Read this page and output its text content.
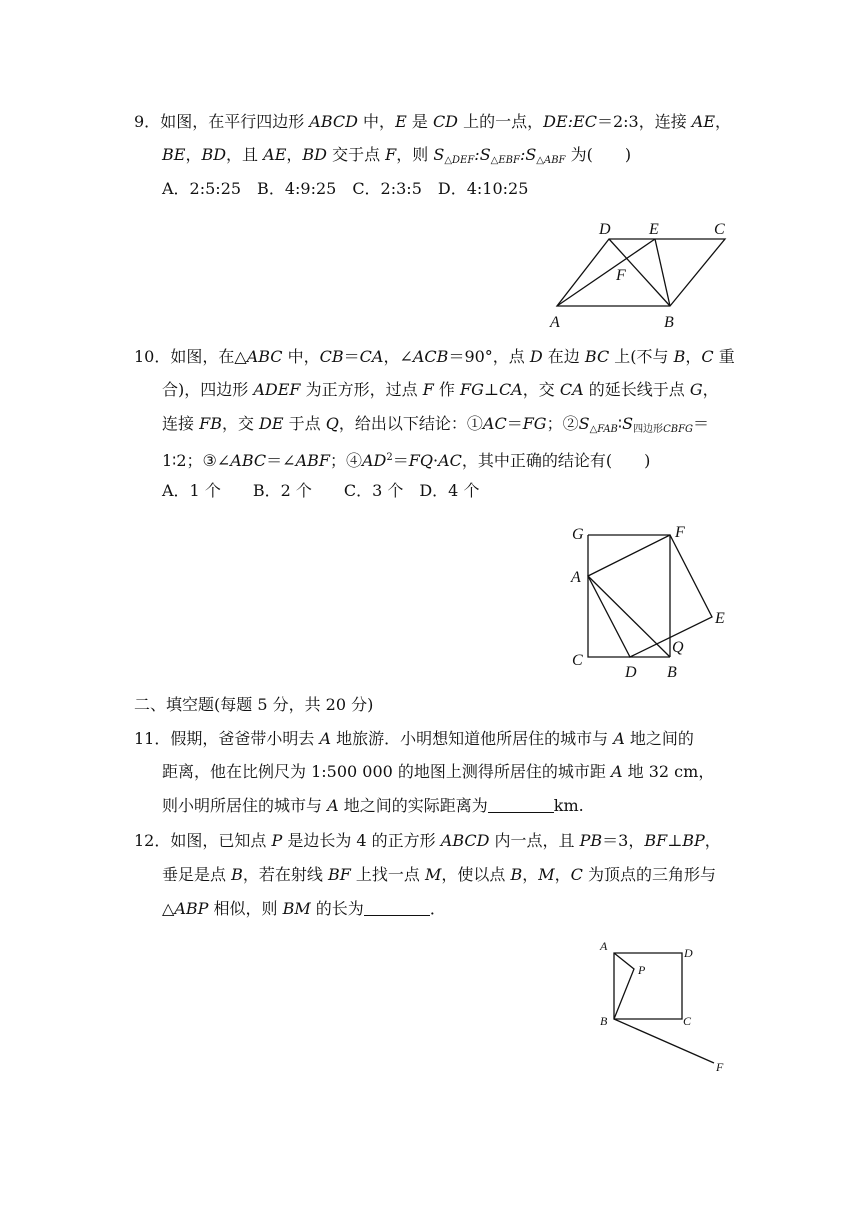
9．如图，在平行四边形 ABCD 中，E 是 CD 上的一点，DE:EC＝2:3，连接 AE，
BE，BD，且 AE，BD 交于点 F，则 $S_{\triangle DEF}:S_{\triangle EBF}:S_{\triangle ABF}$ 为(　　)
A．2:5:25　B．4:9:25　C．2:3:5　D．4:10:25
D E	C
F
A	B
10．如图，在△ABC 中，CB＝CA，∠ACB＝90°，点 D 在边 BC 上(不与 B，C 重
合)，四边形 ADEF 为正方形，过点 F 作 FG⊥CA，交 CA 的延长线于点 G，
连接 FB，交 DE 于点 Q，给出以下结论：①AC＝FG；$②S_{\triangle FAB}∶S_{四边形CBFG}=$
1∶2；③∠ABC＝∠ABF；$④AD^2=FQ\cdot AC$，其中正确的结论有(　　)
A．1 个　　B．2 个　　C．3 个　D．4 个
G	F
A
E
Q
C
D B
二、填空题(每题 5 分，共 20 分)
11．假期，爸爸带小明去 A 地旅游．小明想知道他所居住的城市与 A 地之间的
距离，他在比例尺为 1:500 000 的地图上测得所居住的城市距 A 地 32 cm，
则小明所居住的城市与 A 地之间的实际距离为	km.
12．如图，已知点 P 是边长为 4 的正方形 ABCD 内一点，且 PB＝3，BF⊥BP，
垂足是点 B，若在射线 BF 上找一点 M，使以点 B，M，C 为顶点的三角形与
△ABP 相似，则 BM 的长为	．
A	D
P
B	C
F
